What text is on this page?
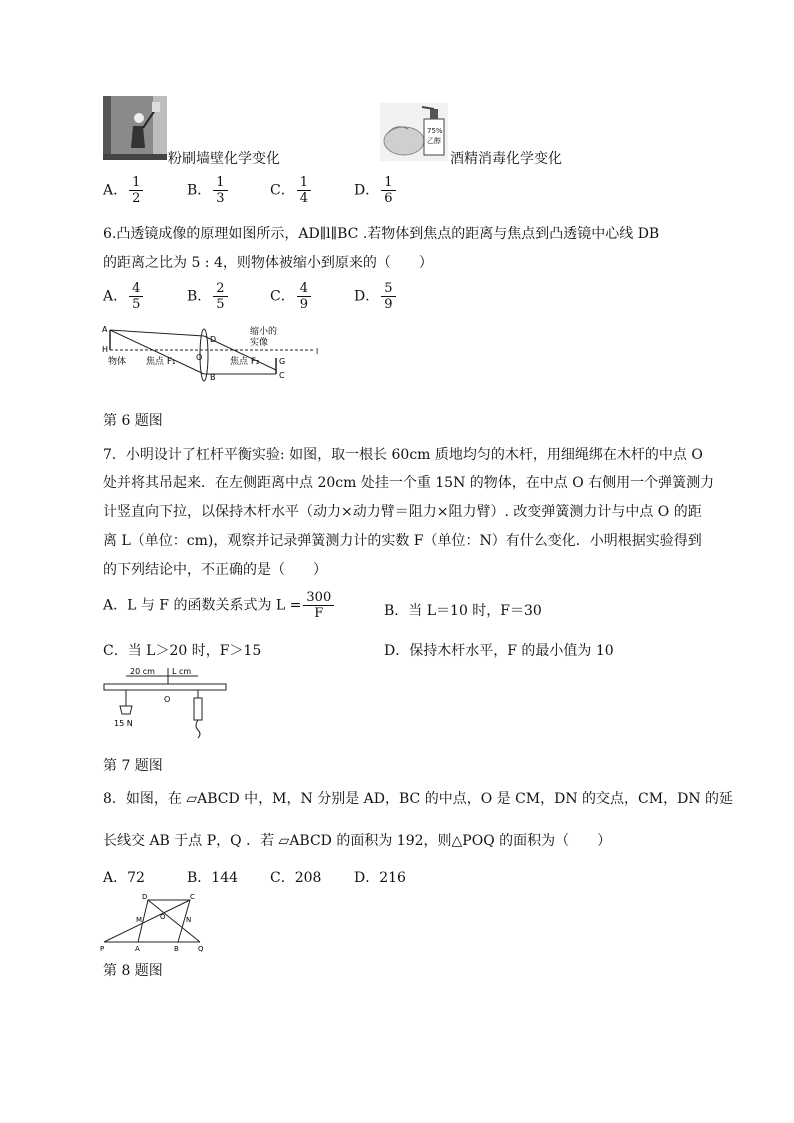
粉刷墙壁化学变化
75%
乙醇
酒精消毒化学变化
A． $\frac{1}{2}$	B． $\frac{1}{3}$	C． $\frac{1}{4}$	D． $\frac{1}{6}$
6.凸透镜成像的原理如图所示，AD∥l∥BC .若物体到焦点的距离与焦点到凸透镜中心线 DB
的距离之比为 5 : 4，则物体被缩小到原来的（　　）
A． $\frac{4}{5}$	B． $\frac{2}{5}$	C． $\frac{4}{9}$	D． $\frac{5}{9}$
A
H
D
O
B
G
C
l
物体 焦点 F₁	焦点 F₂
缩小的
实像
第 6 题图
7．小明设计了杠杆平衡实验: 如图，取一根长 60cm 质地均匀的木杆，用细绳绑在木杆的中点 O
处并将其吊起来．在左侧距离中点 20cm 处挂一个重 15N 的物体，在中点 O 右侧用一个弹簧测力
计竖直向下拉，以保持木杆水平（动力×动力臂＝阻力×阻力臂）. 改变弹簧测力计与中点 O 的距
离 L（单位：cm)，观察并记录弹簧测力计的实数 F（单位：N）有什么变化．小明根据实验得到
的下列结论中，不正确的是（　　）
A．L 与 F 的函数关系式为 $L = \frac{300}{F}$	B．当 L＝10 时，F＝30
C．当 L＞20 时，F＞15	D．保持木杆水平，F 的最小值为 10
20 cm L cm
O
15 N
第 7 题图
8．如图，在 ▱ABCD 中，M，N 分别是 AD，BC 的中点，O 是 CM，DN 的交点，CM，DN 的延
长线交 AB 于点 P，Q ．若 ▱ABCD 的面积为 192，则△POQ 的面积为（　　）
A．72	B．144 C．208 D．216
D	C
M	O	N
P	A	B	Q
第 8 题图
